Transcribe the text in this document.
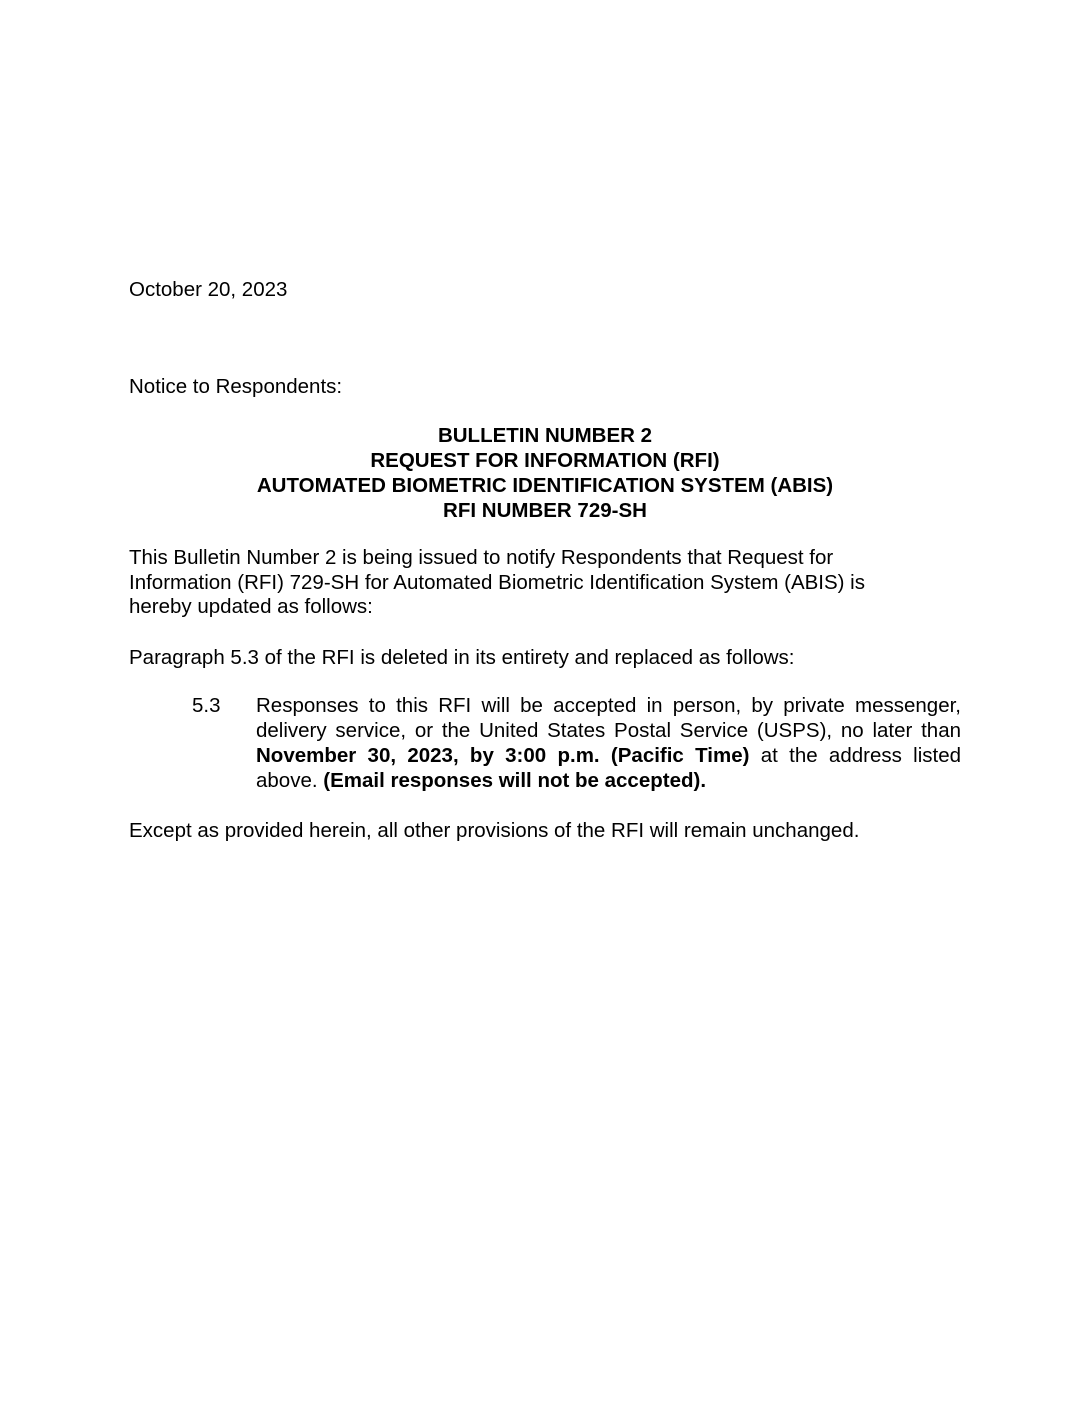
October 20, 2023
Notice to Respondents:
BULLETIN NUMBER 2
REQUEST FOR INFORMATION (RFI)
AUTOMATED BIOMETRIC IDENTIFICATION SYSTEM (ABIS)
RFI NUMBER 729-SH
This Bulletin Number 2 is being issued to notify Respondents that Request for Information (RFI) 729-SH for Automated Biometric Identification System (ABIS) is hereby updated as follows:
Paragraph 5.3 of the RFI is deleted in its entirety and replaced as follows:
5.3 Responses to this RFI will be accepted in person, by private messenger, delivery service, or the United States Postal Service (USPS), no later than November 30, 2023, by 3:00 p.m. (Pacific Time) at the address listed above. (Email responses will not be accepted).
Except as provided herein, all other provisions of the RFI will remain unchanged.
